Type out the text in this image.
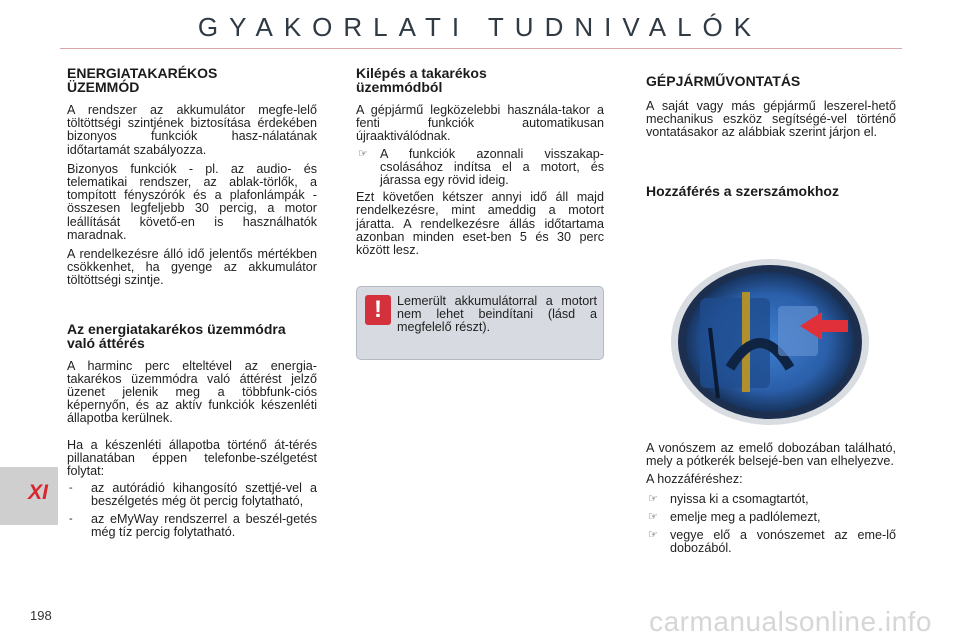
GYAKORLATI TUDNIVALÓK
ENERGIATAKARÉKOS ÜZEMMÓD

A rendszer az akkumulátor megfe-lelő töltöttségi szintjének biztosítása érdekében bizonyos funkciók hasz-nálatának időtartamát szabályozza.

Bizonyos funkciók - pl. az audio- és telematikai rendszer, az ablak-törlők, a tompított fényszórók és a plafonlámpák - összesen legfeljebb 30 percig, a motor leállítását követő-en is használhatók maradnak.

A rendelkezésre álló idő jelentős mértékben csökkenhet, ha gyenge az akkumulátor töltöttségi szintje.

Az energiatakarékos üzemmódra való áttérés

A harminc perc elteltével az energia-takarékos üzemmódra való áttérést jelző üzenet jelenik meg a többfunk-ciós képernyőn, és az aktív funkciók készenléti állapotba kerülnek.

Ha a készenléti állapotba történő át-térés pillanatában éppen telefonbe-szélgetést folytat:

- az autórádió kihangosító szettjé-vel a beszélgetés még öt percig folytatható,
- az eMyWay rendszerrel a beszél-getés még tíz percig folytatható.
Kilépés a takarékos üzemmódból

A gépjármű legközelebbi használa-takor a fenti funkciók automatikusan újraaktiválódnak.

☞ A funkciók azonnali visszakap-csolásához indítsa el a motort, és járassa egy rövid ideig.

Ezt követően kétszer annyi idő áll majd rendelkezésre, mint ameddig a motort járatta. A rendelkezésre állás időtartama azonban minden eset-ben 5 és 30 perc között lesz.

!	Lemerült akkumulátorral a motort nem lehet beindítani (lásd a megfelelő részt).
GÉPJÁRMŰVONTATÁS

A saját vagy más gépjármű leszerel-hető mechanikus eszköz segítségé-vel történő vontatásakor az alábbiak szerint járjon el.

Hozzáférés a szerszámokhoz

A vonószem az emelő dobozában található, mely a pótkerék belsejé-ben van elhelyezve.

A hozzáféréshez:

☞ nyissa ki a csomagtartót,
☞ emelje meg a padlólemezt,
☞ vegye elő a vonószemet az eme-lő dobozából.
XI
198	carmanualsonline.info
